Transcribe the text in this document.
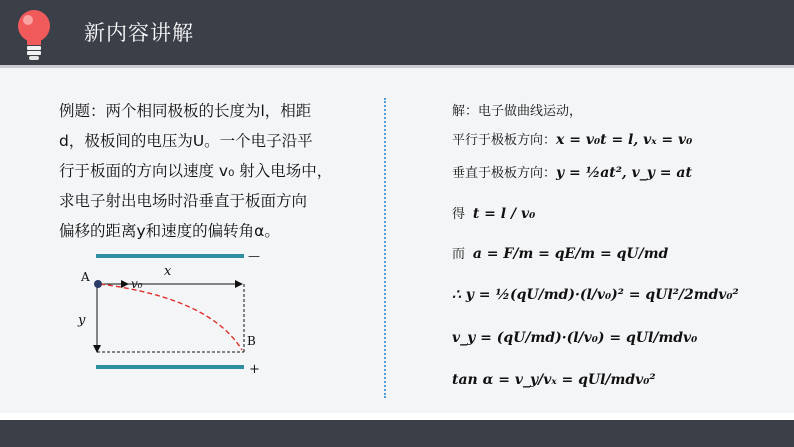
新内容讲解
例题：两个相同极板的长度为l，相距
d，极板间的电压为U。一个电子沿平
行于板面的方向以速度 v₀ 射入电场中，
求电子射出电场时沿垂直于板面方向
偏移的距离y和速度的偏转角α。
A	x
v₀
y
B
—
+
解：电子做曲线运动，
平行于极板方向：x = v₀t = l, vₓ = v₀
垂直于极板方向：y = ½at², v_y = at
得 t = l / v₀
而 a = F/m = qE/m = qU/md
∴ y = ½(qU/md)·(l/v₀)² = qUl²/2mdv₀²
v_y = (qU/md)·(l/v₀) = qUl/mdv₀
tan α = v_y/vₓ = qUl/mdv₀²
